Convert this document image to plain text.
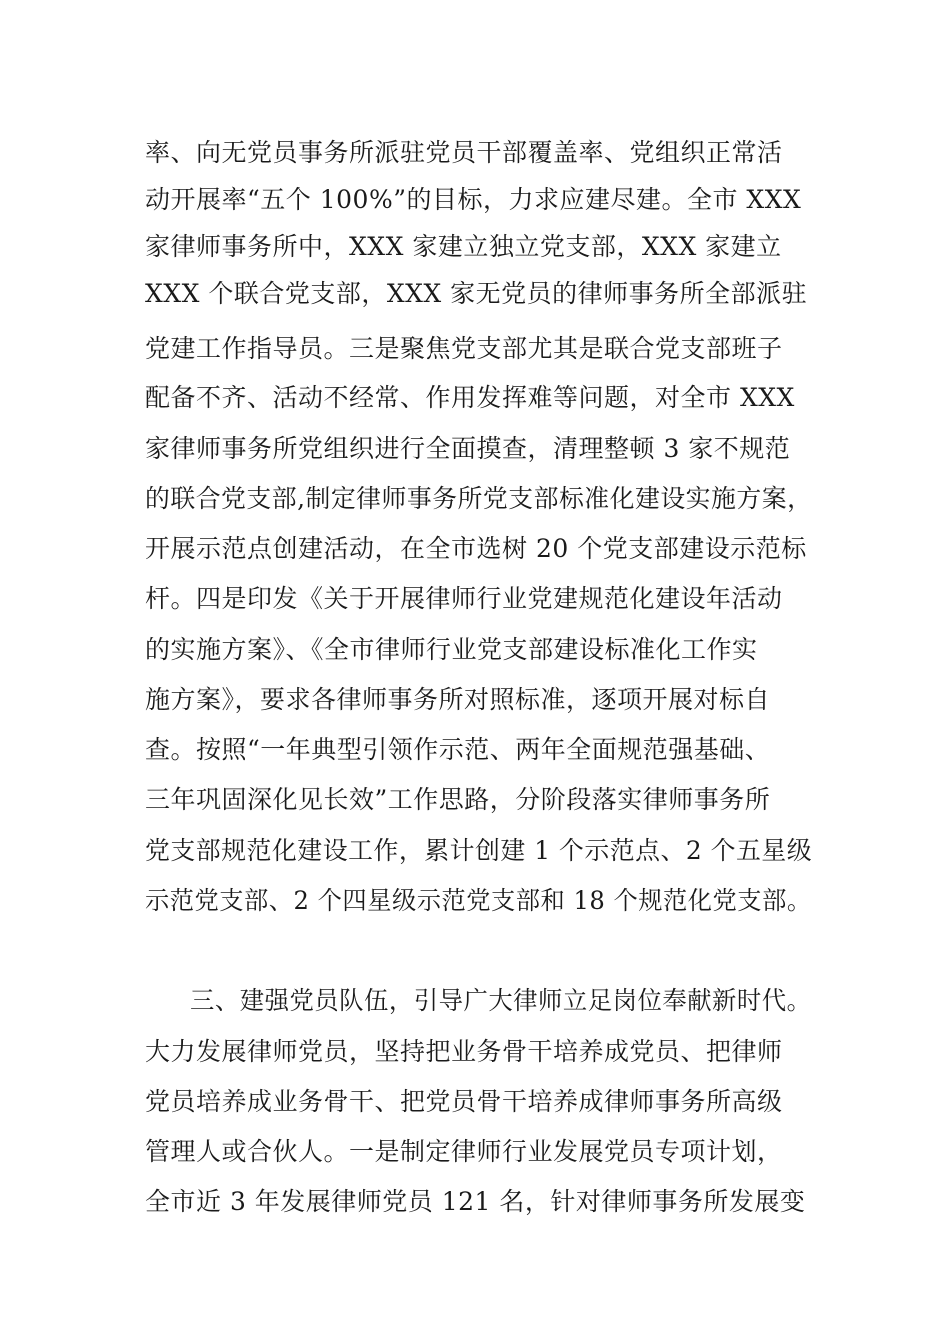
率、向无党员事务所派驻党员干部覆盖率、党组织正常活
动开展率“五个 100%”的目标，力求应建尽建。全市 XXX
家律师事务所中，XXX 家建立独立党支部，XXX 家建立
XXX 个联合党支部，XXX 家无党员的律师事务所全部派驻
党建工作指导员。三是聚焦党支部尤其是联合党支部班子
配备不齐、活动不经常、作用发挥难等问题，对全市 XXX
家律师事务所党组织进行全面摸查，清理整顿 3 家不规范
的联合党支部,制定律师事务所党支部标准化建设实施方案，
开展示范点创建活动，在全市选树 20 个党支部建设示范标
杆。四是印发《关于开展律师行业党建规范化建设年活动
的实施方案》、《全市律师行业党支部建设标准化工作实
施方案》，要求各律师事务所对照标准，逐项开展对标自
查。按照“一年典型引领作示范、两年全面规范强基础、
三年巩固深化见长效”工作思路，分阶段落实律师事务所
党支部规范化建设工作，累计创建 1 个示范点、2 个五星级
示范党支部、2 个四星级示范党支部和 18 个规范化党支部。
三、建强党员队伍，引导广大律师立足岗位奉献新时代。
大力发展律师党员，坚持把业务骨干培养成党员、把律师
党员培养成业务骨干、把党员骨干培养成律师事务所高级
管理人或合伙人。一是制定律师行业发展党员专项计划，
全市近 3 年发展律师党员 121 名，针对律师事务所发展变
